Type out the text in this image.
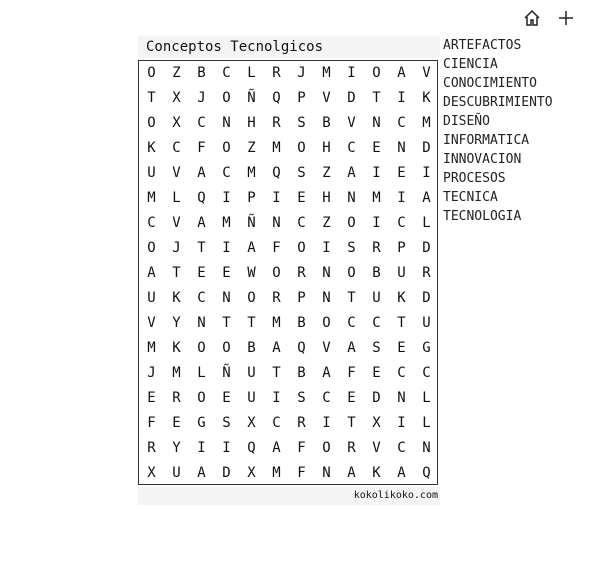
Conceptos Tecnolgicos
O	Z	B	C	L	R	J	M	I	O	A	V
T	X	J	O	Ñ	Q	P	V	D	T	I	K
O	X	C	N	H	R	S	B	V	N	C	M
K	C	F	O	Z	M	O	H	C	E	N	D
U	V	A	C	M	Q	S	Z	A	I	E	I
M	L	Q	I	P	I	E	H	N	M	I	A
C	V	A	M	Ñ	N	C	Z	O	I	C	L
O	J	T	I	A	F	O	I	S	R	P	D
A	T	E	E	W	O	R	N	O	B	U	R
U	K	C	N	O	R	P	N	T	U	K	D
V	Y	N	T	T	M	B	O	C	C	T	U
M	K	O	O	B	A	Q	V	A	S	E	G
J	M	L	Ñ	U	T	B	A	F	E	C	C
E	R	O	E	U	I	S	C	E	D	N	L
F	E	G	S	X	C	R	I	T	X	I	L
R	Y	I	I	Q	A	F	O	R	V	C	N
X	U	A	D	X	M	F	N	A	K	A	Q
kokolikoko.com
ARTEFACTOS
CIENCIA
CONOCIMIENTO
DESCUBRIMIENTO
DISEÑO
INFORMATICA
INNOVACION
PROCESOS
TECNICA
TECNOLOGIA
